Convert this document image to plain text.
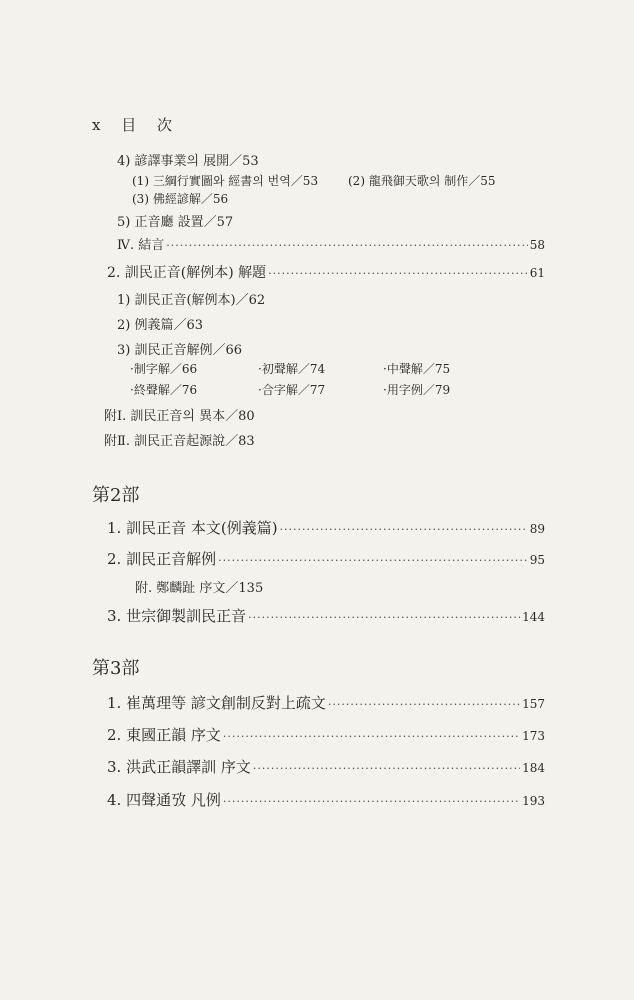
x 目 次
4) 諺譯事業의 展開／53
(1) 三綱行實圖와 經書의 번역／53 (2) 龍飛御天歌의 制作／55
(3) 佛經諺解／56
5) 正音廳 設置／57
Ⅳ. 結言 ·····	58
2. 訓民正音(解例本) 解題 ·····	61
1) 訓民正音(解例本)／62
2) 例義篇／63
3) 訓民正音解例／66
·制字解／66	·初聲解／74	·中聲解／75
·終聲解／76	·合字解／77	·用字例／79
附Ⅰ. 訓民正音의 異本／80
附Ⅱ. 訓民正音起源說／83
第2部
1. 訓民正音 本文(例義篇) ·····	89
2. 訓民正音解例 ·····	95
附. 鄭麟趾 序文／135
3. 世宗御製訓民正音 ·····	144
第3部
1. 崔萬理等 諺文創制反對上疏文 ·····	157
2. 東國正韻 序文 ·····	173
3. 洪武正韻譯訓 序文 ·····	184
4. 四聲通攷 凡例 ·····	193
